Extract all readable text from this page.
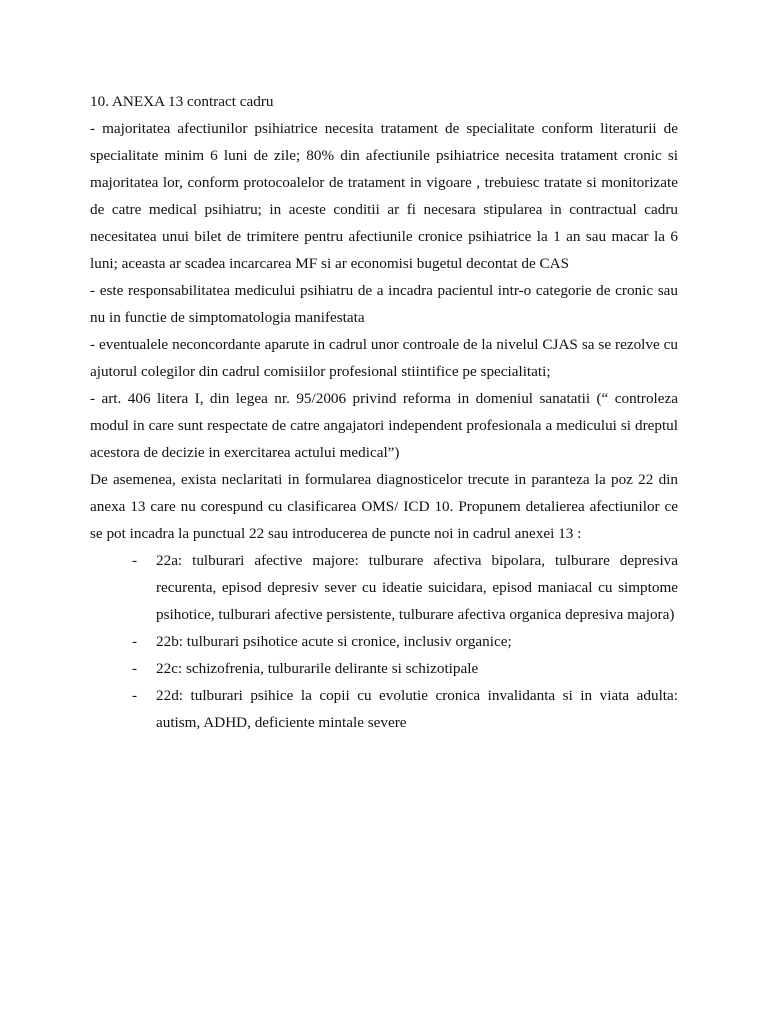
10. ANEXA 13 contract cadru

- majoritatea afectiunilor psihiatrice necesita tratament de specialitate conform literaturii de specialitate minim 6 luni de zile; 80% din afectiunile psihiatrice necesita tratament cronic si majoritatea lor, conform protocoalelor de tratament in vigoare , trebuiesc tratate si monitorizate de catre medical psihiatru; in aceste conditii ar fi necesara stipularea in contractual cadru necesitatea unui bilet de trimitere pentru afectiunile cronice psihiatrice la 1 an sau macar la 6 luni; aceasta ar scadea incarcarea MF si ar economisi bugetul decontat de CAS

- este responsabilitatea medicului psihiatru de a incadra pacientul intr-o categorie de cronic sau nu in functie de simptomatologia manifestata

- eventualele neconcordante aparute in cadrul unor controale de la nivelul CJAS sa se rezolve cu ajutorul colegilor din cadrul comisiilor profesional stiintifice pe specialitati;

- art. 406 litera I, din legea nr. 95/2006 privind reforma in domeniul sanatatii (“ controleza modul in care sunt respectate de catre angajatori independent profesionala a medicului si dreptul acestora de decizie in exercitarea actului medical”)

De asemenea, exista neclaritati in formularea diagnosticelor trecute in paranteza la poz 22 din anexa 13 care nu corespund cu clasificarea OMS/ ICD 10. Propunem detalierea afectiunilor ce se pot incadra la punctual 22 sau introducerea de puncte noi in cadrul anexei 13 :

- 22a: tulburari afective majore: tulburare afectiva bipolara, tulburare depresiva recurenta, episod depresiv sever cu ideatie suicidara, episod maniacal cu simptome psihotice, tulburari afective persistente, tulburare afectiva organica depresiva majora)
- 22b: tulburari psihotice acute si cronice, inclusiv organice;
- 22c: schizofrenia, tulburarile delirante si schizotipale
- 22d: tulburari psihice la copii cu evolutie cronica invalidanta si in viata adulta: autism, ADHD, deficiente mintale severe
